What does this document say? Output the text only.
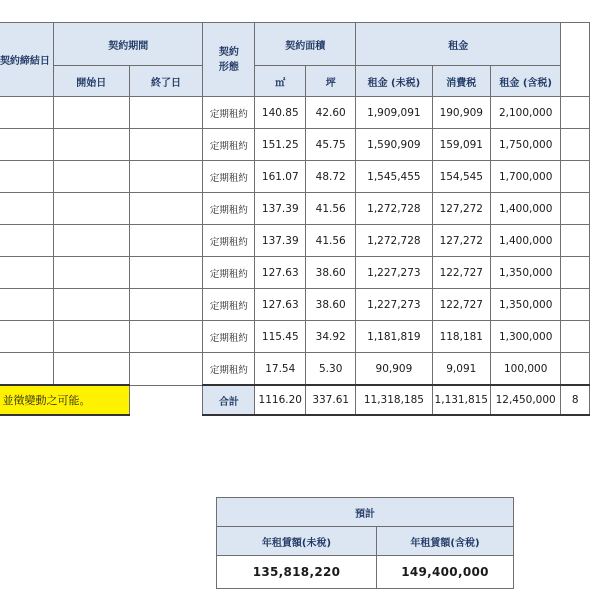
契約締結日	契約期間		契約形態	契約面積		租金			
	開始日	終了日		㎡	坪	租金 (未税)	消費税	租金 (含税)	
			定期租約	140.85	42.60	1,909,091	190,909	2,100,000	
			定期租約	151.25	45.75	1,590,909	159,091	1,750,000	
			定期租約	161.07	48.72	1,545,455	154,545	1,700,000	
			定期租約	137.39	41.56	1,272,728	127,272	1,400,000	
			定期租約	137.39	41.56	1,272,728	127,272	1,400,000	
			定期租約	127.63	38.60	1,227,273	122,727	1,350,000	
			定期租約	127.63	38.60	1,227,273	122,727	1,350,000	
			定期租約	115.45	34.92	1,181,819	118,181	1,300,000	
			定期租約	17.54	5.30	90,909	9,091	100,000	
並徵變動之可能。			合計	1116.20	337.61	11,318,185	1,131,815	12,450,000	8
預計	
年租賃額(未稅)	年租賃額(含稅)
135,818,220	149,400,000
